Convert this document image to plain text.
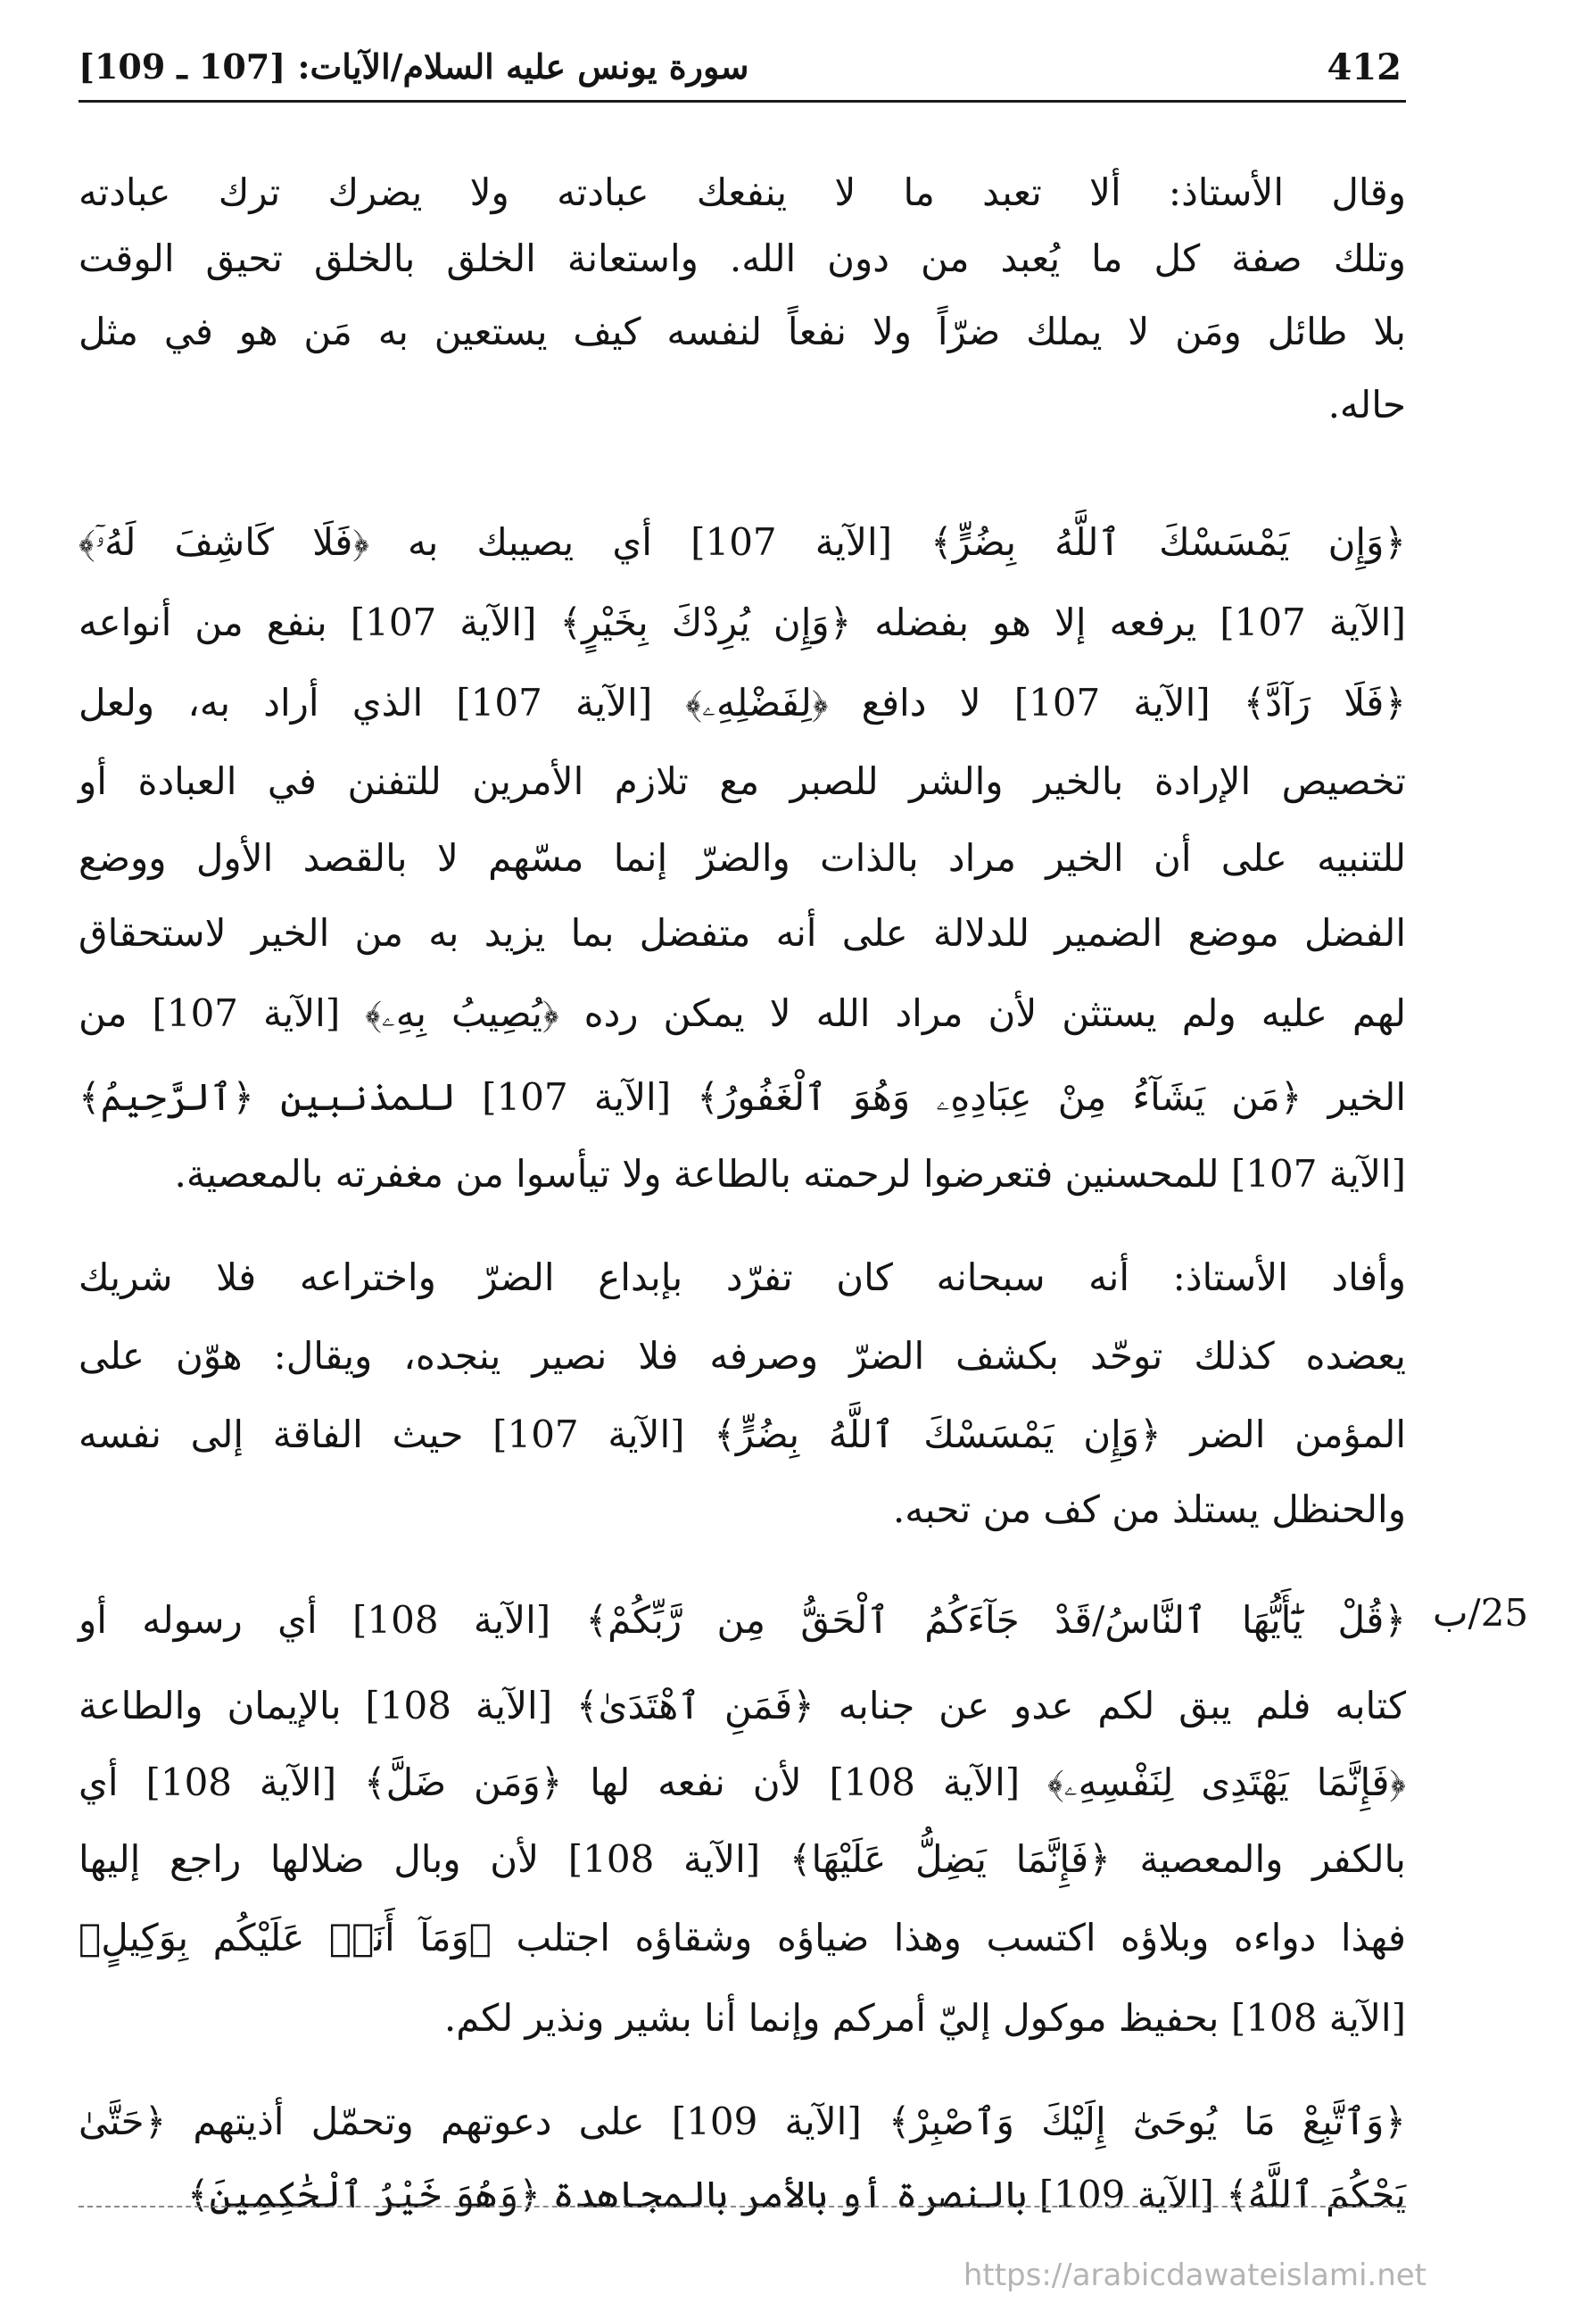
412
سورة يونس عليه السلام/الآيات: [107 ـ 109]
وقال الأستاذ: ألا تعبد ما لا ينفعك عبادته ولا يضرك ترك عبادته
وتلك صفة كل ما يُعبد من دون الله. واستعانة الخلق بالخلق تحيق الوقت
بلا طائل ومَن لا يملك ضرّاً ولا نفعاً لنفسه كيف يستعين به مَن هو في مثل
حاله.
﴿وَإِن يَمْسَسْكَ ٱللَّهُ بِضُرٍّ﴾ [الآية 107] أي يصيبك به ﴿فَلَا كَاشِفَ لَهُۥٓ﴾
[الآية 107] يرفعه إلا هو بفضله ﴿وَإِن يُرِدْكَ بِخَيْرٍ﴾ [الآية 107] بنفع من أنواعه
﴿فَلَا رَآدَّ﴾ [الآية 107] لا دافع ﴿لِفَضْلِهِۦ﴾ [الآية 107] الذي أراد به، ولعل
تخصيص الإرادة بالخير والشر للصبر مع تلازم الأمرين للتفنن في العبادة أو
للتنبيه على أن الخير مراد بالذات والضرّ إنما مسّهم لا بالقصد الأول ووضع
الفضل موضع الضمير للدلالة على أنه متفضل بما يزيد به من الخير لاستحقاق
لهم عليه ولم يستثن لأن مراد الله لا يمكن رده ﴿يُصِيبُ بِهِۦ﴾ [الآية 107] من
الخير ﴿مَن يَشَآءُ مِنْ عِبَادِهِۦ وَهُوَ ٱلْغَفُورُ﴾ [الآية 107] للمذنبين ﴿ٱلرَّحِيمُ﴾
[الآية 107] للمحسنين فتعرضوا لرحمته بالطاعة ولا تيأسوا من مغفرته بالمعصية.
وأفاد الأستاذ: أنه سبحانه كان تفرّد بإبداع الضرّ واختراعه فلا شريك
يعضده كذلك توحّد بكشف الضرّ وصرفه فلا نصير ينجده، ويقال: هوّن على
المؤمن الضر ﴿وَإِن يَمْسَسْكَ ٱللَّهُ بِضُرٍّ﴾ [الآية 107] حيث الفاقة إلى نفسه
والحنظل يستلذ من كف من تحبه.
25/ب
﴿قُلْ يَٰٓأَيُّهَا ٱلنَّاسُ/قَدْ جَآءَكُمُ ٱلْحَقُّ مِن رَّبِّكُمْ﴾ [الآية 108] أي رسوله أو
كتابه فلم يبق لكم عدو عن جنابه ﴿فَمَنِ ٱهْتَدَىٰ﴾ [الآية 108] بالإيمان والطاعة
﴿فَإِنَّمَا يَهْتَدِى لِنَفْسِهِۦ﴾ [الآية 108] لأن نفعه لها ﴿وَمَن ضَلَّ﴾ [الآية 108] أي
بالكفر والمعصية ﴿فَإِنَّمَا يَضِلُّ عَلَيْهَا﴾ [الآية 108] لأن وبال ضلالها راجع إليها
فهذا دواءه وبلاؤه اكتسب وهذا ضياؤه وشقاؤه اجتلب ﴿وَمَآ أَنَا۠ عَلَيْكُم بِوَكِيلٍ﴾
[الآية 108] بحفيظ موكول إليّ أمركم وإنما أنا بشير ونذير لكم.
﴿وَٱتَّبِعْ مَا يُوحَىٰٓ إِلَيْكَ وَٱصْبِرْ﴾ [الآية 109] على دعوتهم وتحمّل أذيتهم ﴿حَتَّىٰ
يَحْكُمَ ٱللَّهُ﴾ [الآية 109] بالنصرة أو بالأمر بالمجاهدة ﴿وَهُوَ خَيْرُ ٱلْحَٰكِمِينَ﴾
https://arabicdawateislami.net
